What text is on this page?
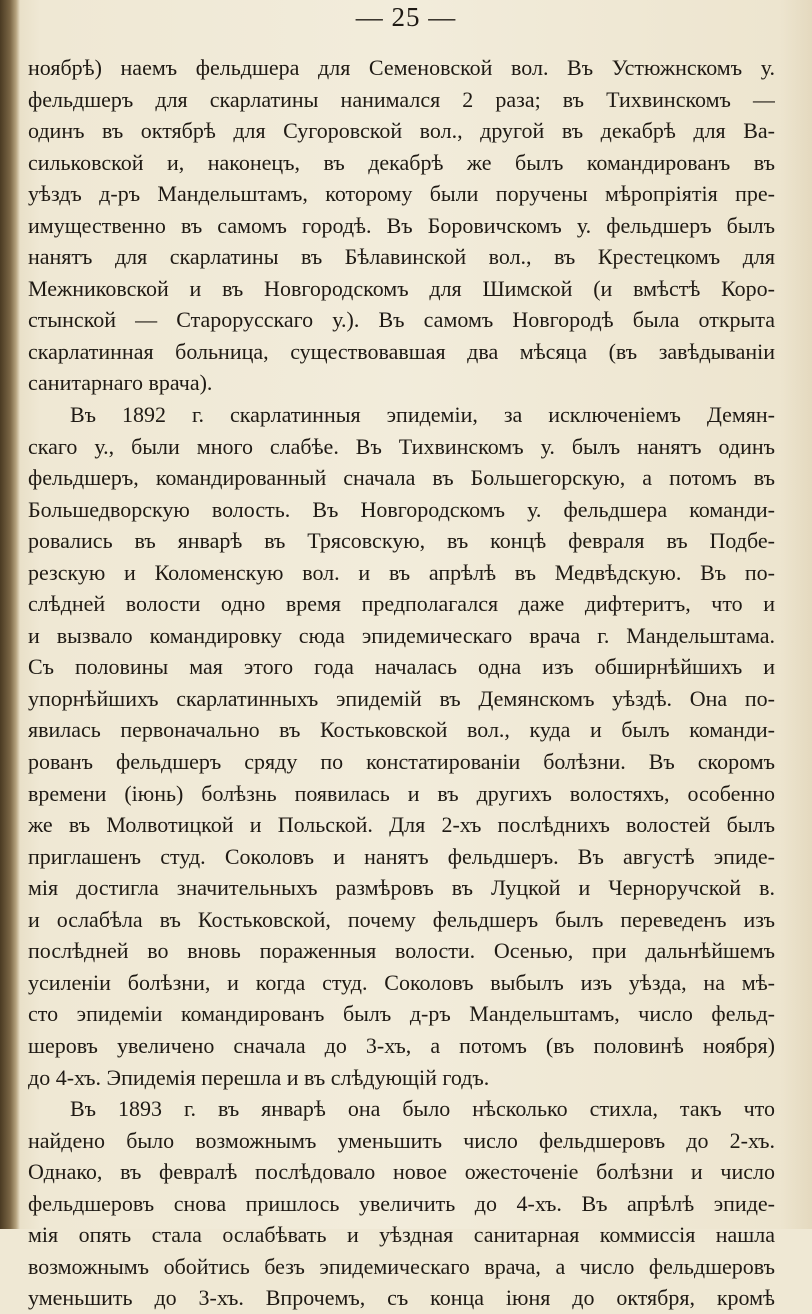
— 25 —
ноябрѣ) наемъ фельдшера для Семеновской вол. Въ Устюжнскомъ у.
фельдшеръ для скарлатины нанимался 2 раза; въ Тихвинскомъ —
одинъ въ октябрѣ для Сугоровской вол., другой въ декабрѣ для Ва-
сильковской и, наконецъ, въ декабрѣ же былъ командированъ въ
уѣздъ д-ръ Мандельштамъ, которому были поручены мѣропріятія пре-
имущественно въ самомъ городѣ. Въ Боровичскомъ у. фельдшеръ былъ
нанятъ для скарлатины въ Бѣлавинской вол., въ Крестецкомъ для
Межниковской и въ Новгородскомъ для Шимской (и вмѣстѣ Коро-
стынской — Старорусскаго у.). Въ самомъ Новгородѣ была открыта
скарлатинная больница, существовавшая два мѣсяца (въ завѣдываніи
санитарнаго врача).
Въ 1892 г. скарлатинныя эпидеміи, за исключеніемъ Демян-
скаго у., были много слабѣе. Въ Тихвинскомъ у. былъ нанятъ одинъ
фельдшеръ, командированный сначала въ Большегорскую, а потомъ въ
Большедворскую волость. Въ Новгородскомъ у. фельдшера команди-
ровались въ январѣ въ Трясовскую, въ концѣ февраля въ Подбе-
резскую и Коломенскую вол. и въ апрѣлѣ въ Медвѣдскую. Въ по-
слѣдней волости одно время предполагался даже дифтеритъ, что и
и вызвало командировку сюда эпидемическаго врача г. Мандельштама.
Съ половины мая этого года началась одна изъ обширнѣйшихъ и
упорнѣйшихъ скарлатинныхъ эпидемій въ Демянскомъ уѣздѣ. Она по-
явилась первоначально въ Костьковской вол., куда и былъ команди-
рованъ фельдшеръ сряду по констатированіи болѣзни. Въ скоромъ
времени (іюнь) болѣзнь появилась и въ другихъ волостяхъ, особенно
же въ Молвотицкой и Польской. Для 2-хъ послѣднихъ волостей былъ
приглашенъ студ. Соколовъ и нанятъ фельдшеръ. Въ августѣ эпиде-
мія достигла значительныхъ размѣровъ въ Луцкой и Черноручской в.
и ослабѣла въ Костьковской, почему фельдшеръ былъ переведенъ изъ
послѣдней во вновь пораженныя волости. Осенью, при дальнѣйшемъ
усиленіи болѣзни, и когда студ. Соколовъ выбылъ изъ уѣзда, на мѣ-
сто эпидеміи командированъ былъ д-ръ Мандельштамъ, число фельд-
шеровъ увеличено сначала до 3-хъ, а потомъ (въ половинѣ ноября)
до 4-хъ. Эпидемія перешла и въ слѣдующій годъ.
Въ 1893 г. въ январѣ она было нѣсколько стихла, такъ что
найдено было возможнымъ уменьшить число фельдшеровъ до 2-хъ.
Однако, въ февралѣ послѣдовало новое ожесточеніе болѣзни и число
фельдшеровъ снова пришлось увеличить до 4-хъ. Въ апрѣлѣ эпиде-
мія опять стала ослабѣвать и уѣздная санитарная коммиссія нашла
возможнымъ обойтись безъ эпидемическаго врача, а число фельдшеровъ
уменьшить до 3-хъ. Впрочемъ, съ конца іюня до октября, кромѣ
